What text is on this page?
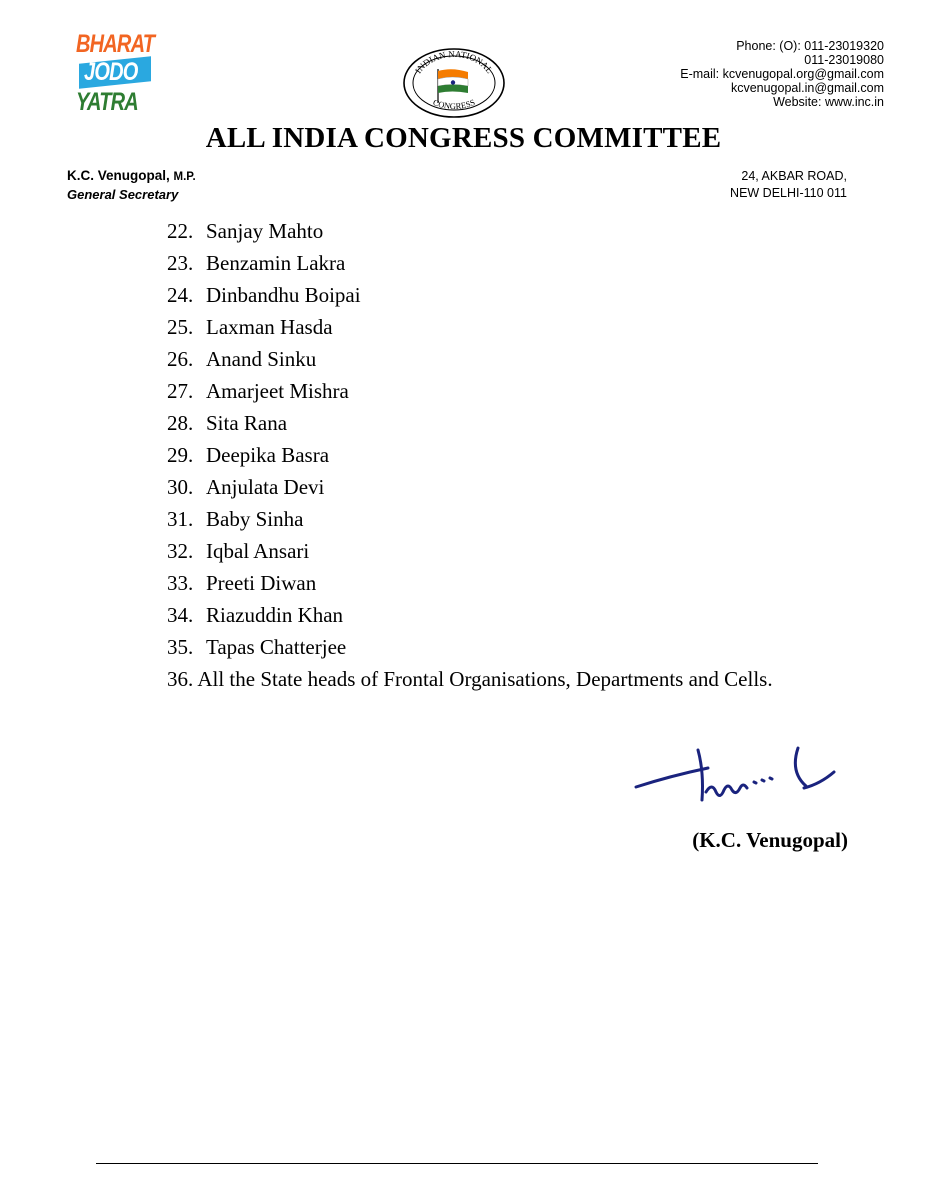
BHARAT
JODO
YATRA
INDIAN NATIONAL
CONGRESS
Phone: (O): 011-23019320
011-23019080
E-mail: kcvenugopal.org@gmail.com
kcvenugopal.in@gmail.com
Website: www.inc.in
ALL INDIA CONGRESS COMMITTEE
K.C. Venugopal, M.P.
General Secretary
24, AKBAR ROAD,
NEW DELHI-110 011
22. Sanjay Mahto
23. Benzamin Lakra
24. Dinbandhu Boipai
25. Laxman Hasda
26. Anand Sinku
27. Amarjeet Mishra
28. Sita Rana
29. Deepika Basra
30. Anjulata Devi
31. Baby Sinha
32. Iqbal Ansari
33. Preeti Diwan
34. Riazuddin Khan
35. Tapas Chatterjee
36. All the State heads of Frontal Organisations, Departments and Cells.
(K.C. Venugopal)
